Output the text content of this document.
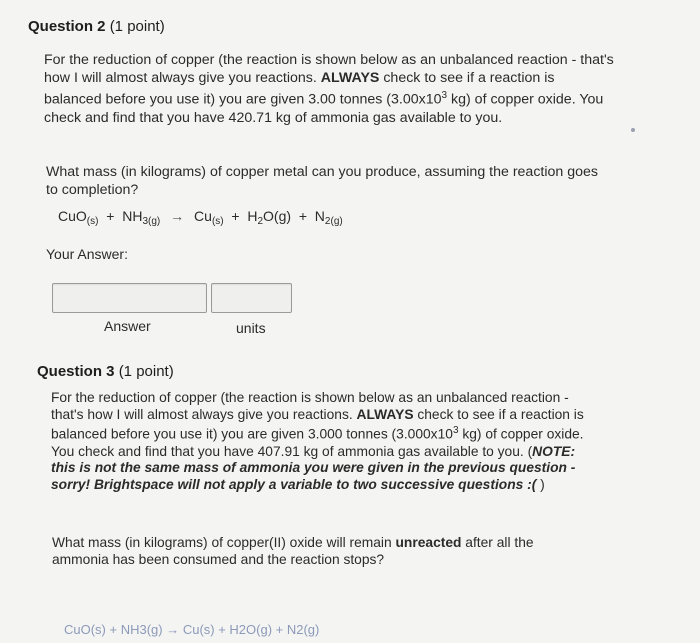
Question 2 (1 point)
For the reduction of copper (the reaction is shown below as an unbalanced reaction - that's how I will almost always give you reactions. ALWAYS check to see if a reaction is balanced before you use it) you are given 3.00 tonnes ($3.00x10^3$ kg) of copper oxide. You check and find that you have 420.71 kg of ammonia gas available to you.
What mass (in kilograms) of copper metal can you produce, assuming the reaction goes to completion?
$CuO_{(s)} + NH_{3(g)} \to Cu_{(s)} + H_2O(g) + N_{2(g)}$
Your Answer:
Answer	units
Question 3 (1 point)
For the reduction of copper (the reaction is shown below as an unbalanced reaction - that's how I will almost always give you reactions. ALWAYS check to see if a reaction is balanced before you use it) you are given 3.000 tonnes ($3.000x10^3$ kg) of copper oxide. You check and find that you have 407.91 kg of ammonia gas available to you. (NOTE: this is not the same mass of ammonia you were given in the previous question - sorry! Brightspace will not apply a variable to two successive questions :( )
What mass (in kilograms) of copper(II) oxide will remain unreacted after all the ammonia has been consumed and the reaction stops?
CuO(s) + NH3(g) → Cu(s) + H2O(g) + N2(g)
